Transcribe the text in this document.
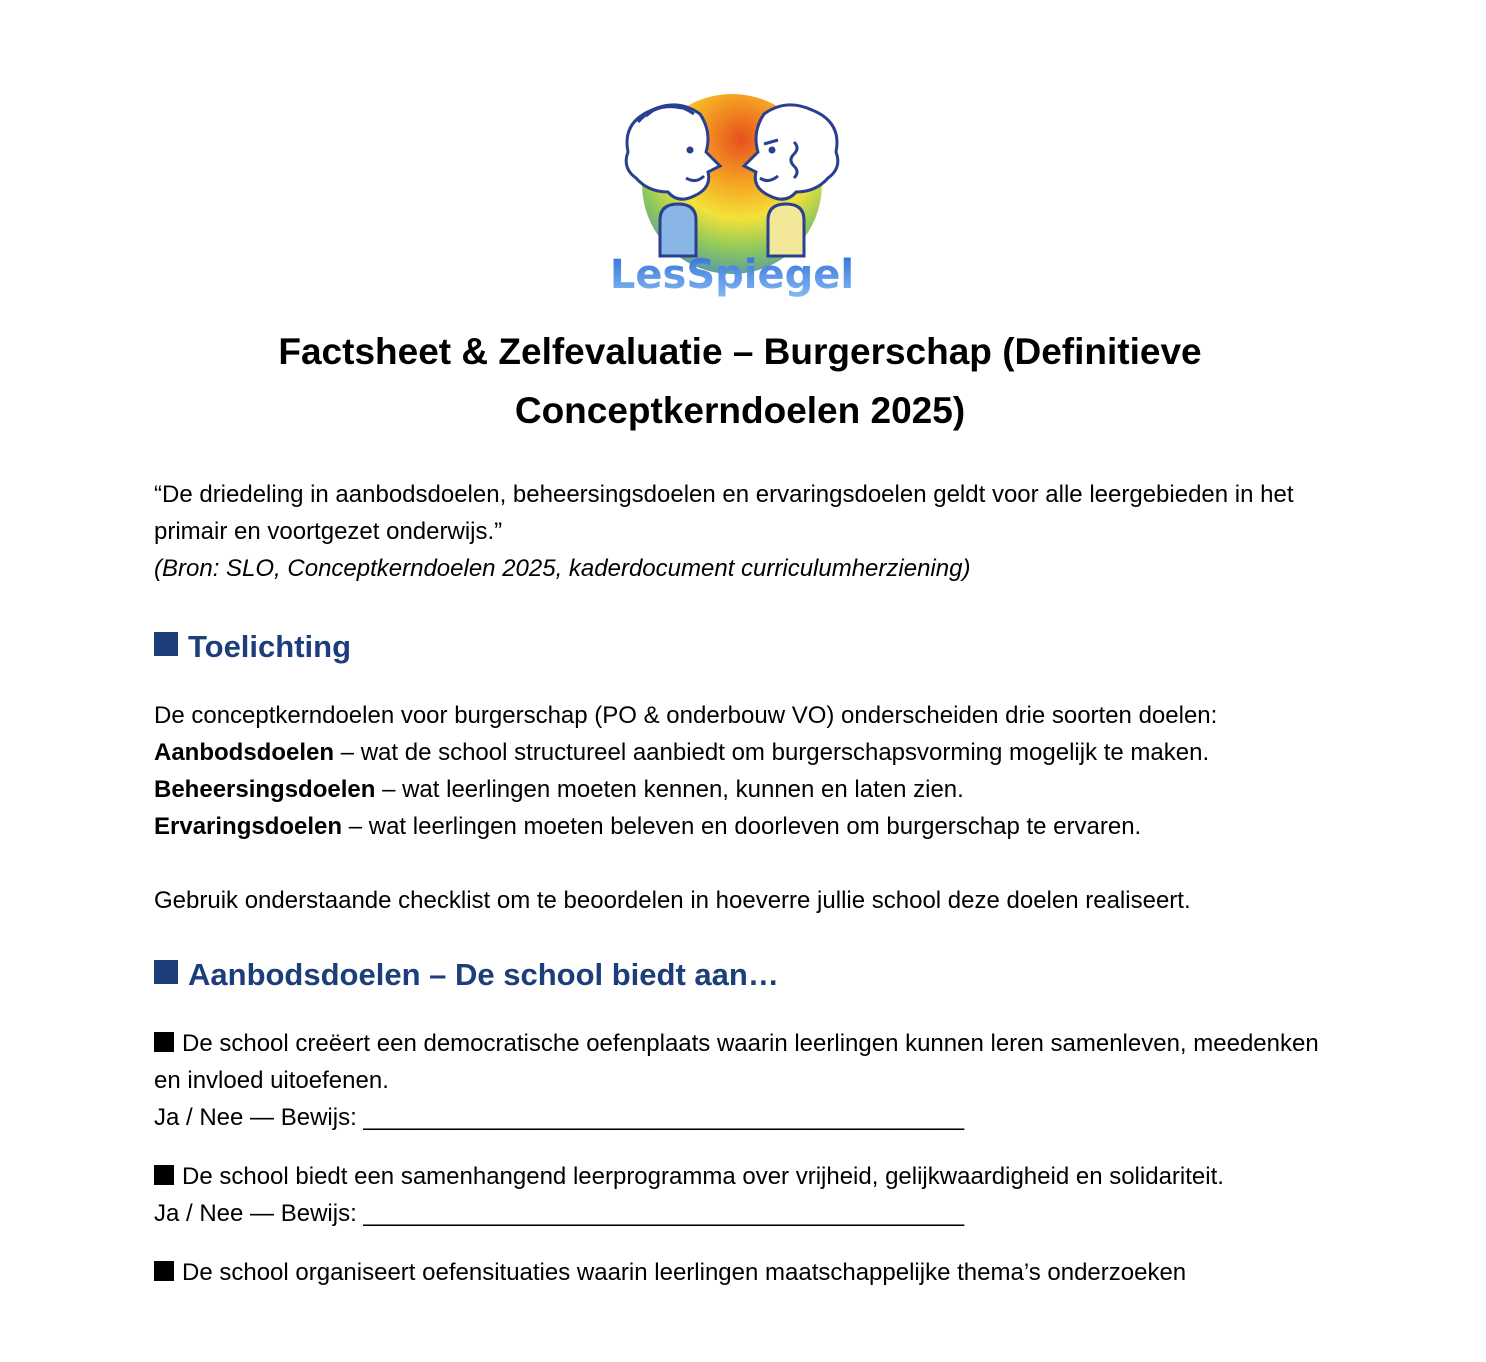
LesSpiegel
Factsheet & Zelfevaluatie – Burgerschap (Definitieve Conceptkerndoelen 2025)

“De driedeling in aanbodsdoelen, beheersingsdoelen en ervaringsdoelen geldt voor alle leergebieden in het primair en voortgezet onderwijs.”

(Bron: SLO, Conceptkerndoelen 2025, kaderdocument curriculumherziening)

Toelichting

De conceptkerndoelen voor burgerschap (PO & onderbouw VO) onderscheiden drie soorten doelen:

Aanbodsdoelen – wat de school structureel aanbiedt om burgerschapsvorming mogelijk te maken.

Beheersingsdoelen – wat leerlingen moeten kennen, kunnen en laten zien.

Ervaringsdoelen – wat leerlingen moeten beleven en doorleven om burgerschap te ervaren.

Gebruik onderstaande checklist om te beoordelen in hoeverre jullie school deze doelen realiseert.

Aanbodsdoelen – De school biedt aan…

De school creëert een democratische oefenplaats waarin leerlingen kunnen leren samenleven, meedenken en invloed uitoefenen.

Ja / Nee — Bewijs: _____________________________________________

De school biedt een samenhangend leerprogramma over vrijheid, gelijkwaardigheid en solidariteit.

Ja / Nee — Bewijs: _____________________________________________

De school organiseert oefensituaties waarin leerlingen maatschappelijke thema’s onderzoeken
